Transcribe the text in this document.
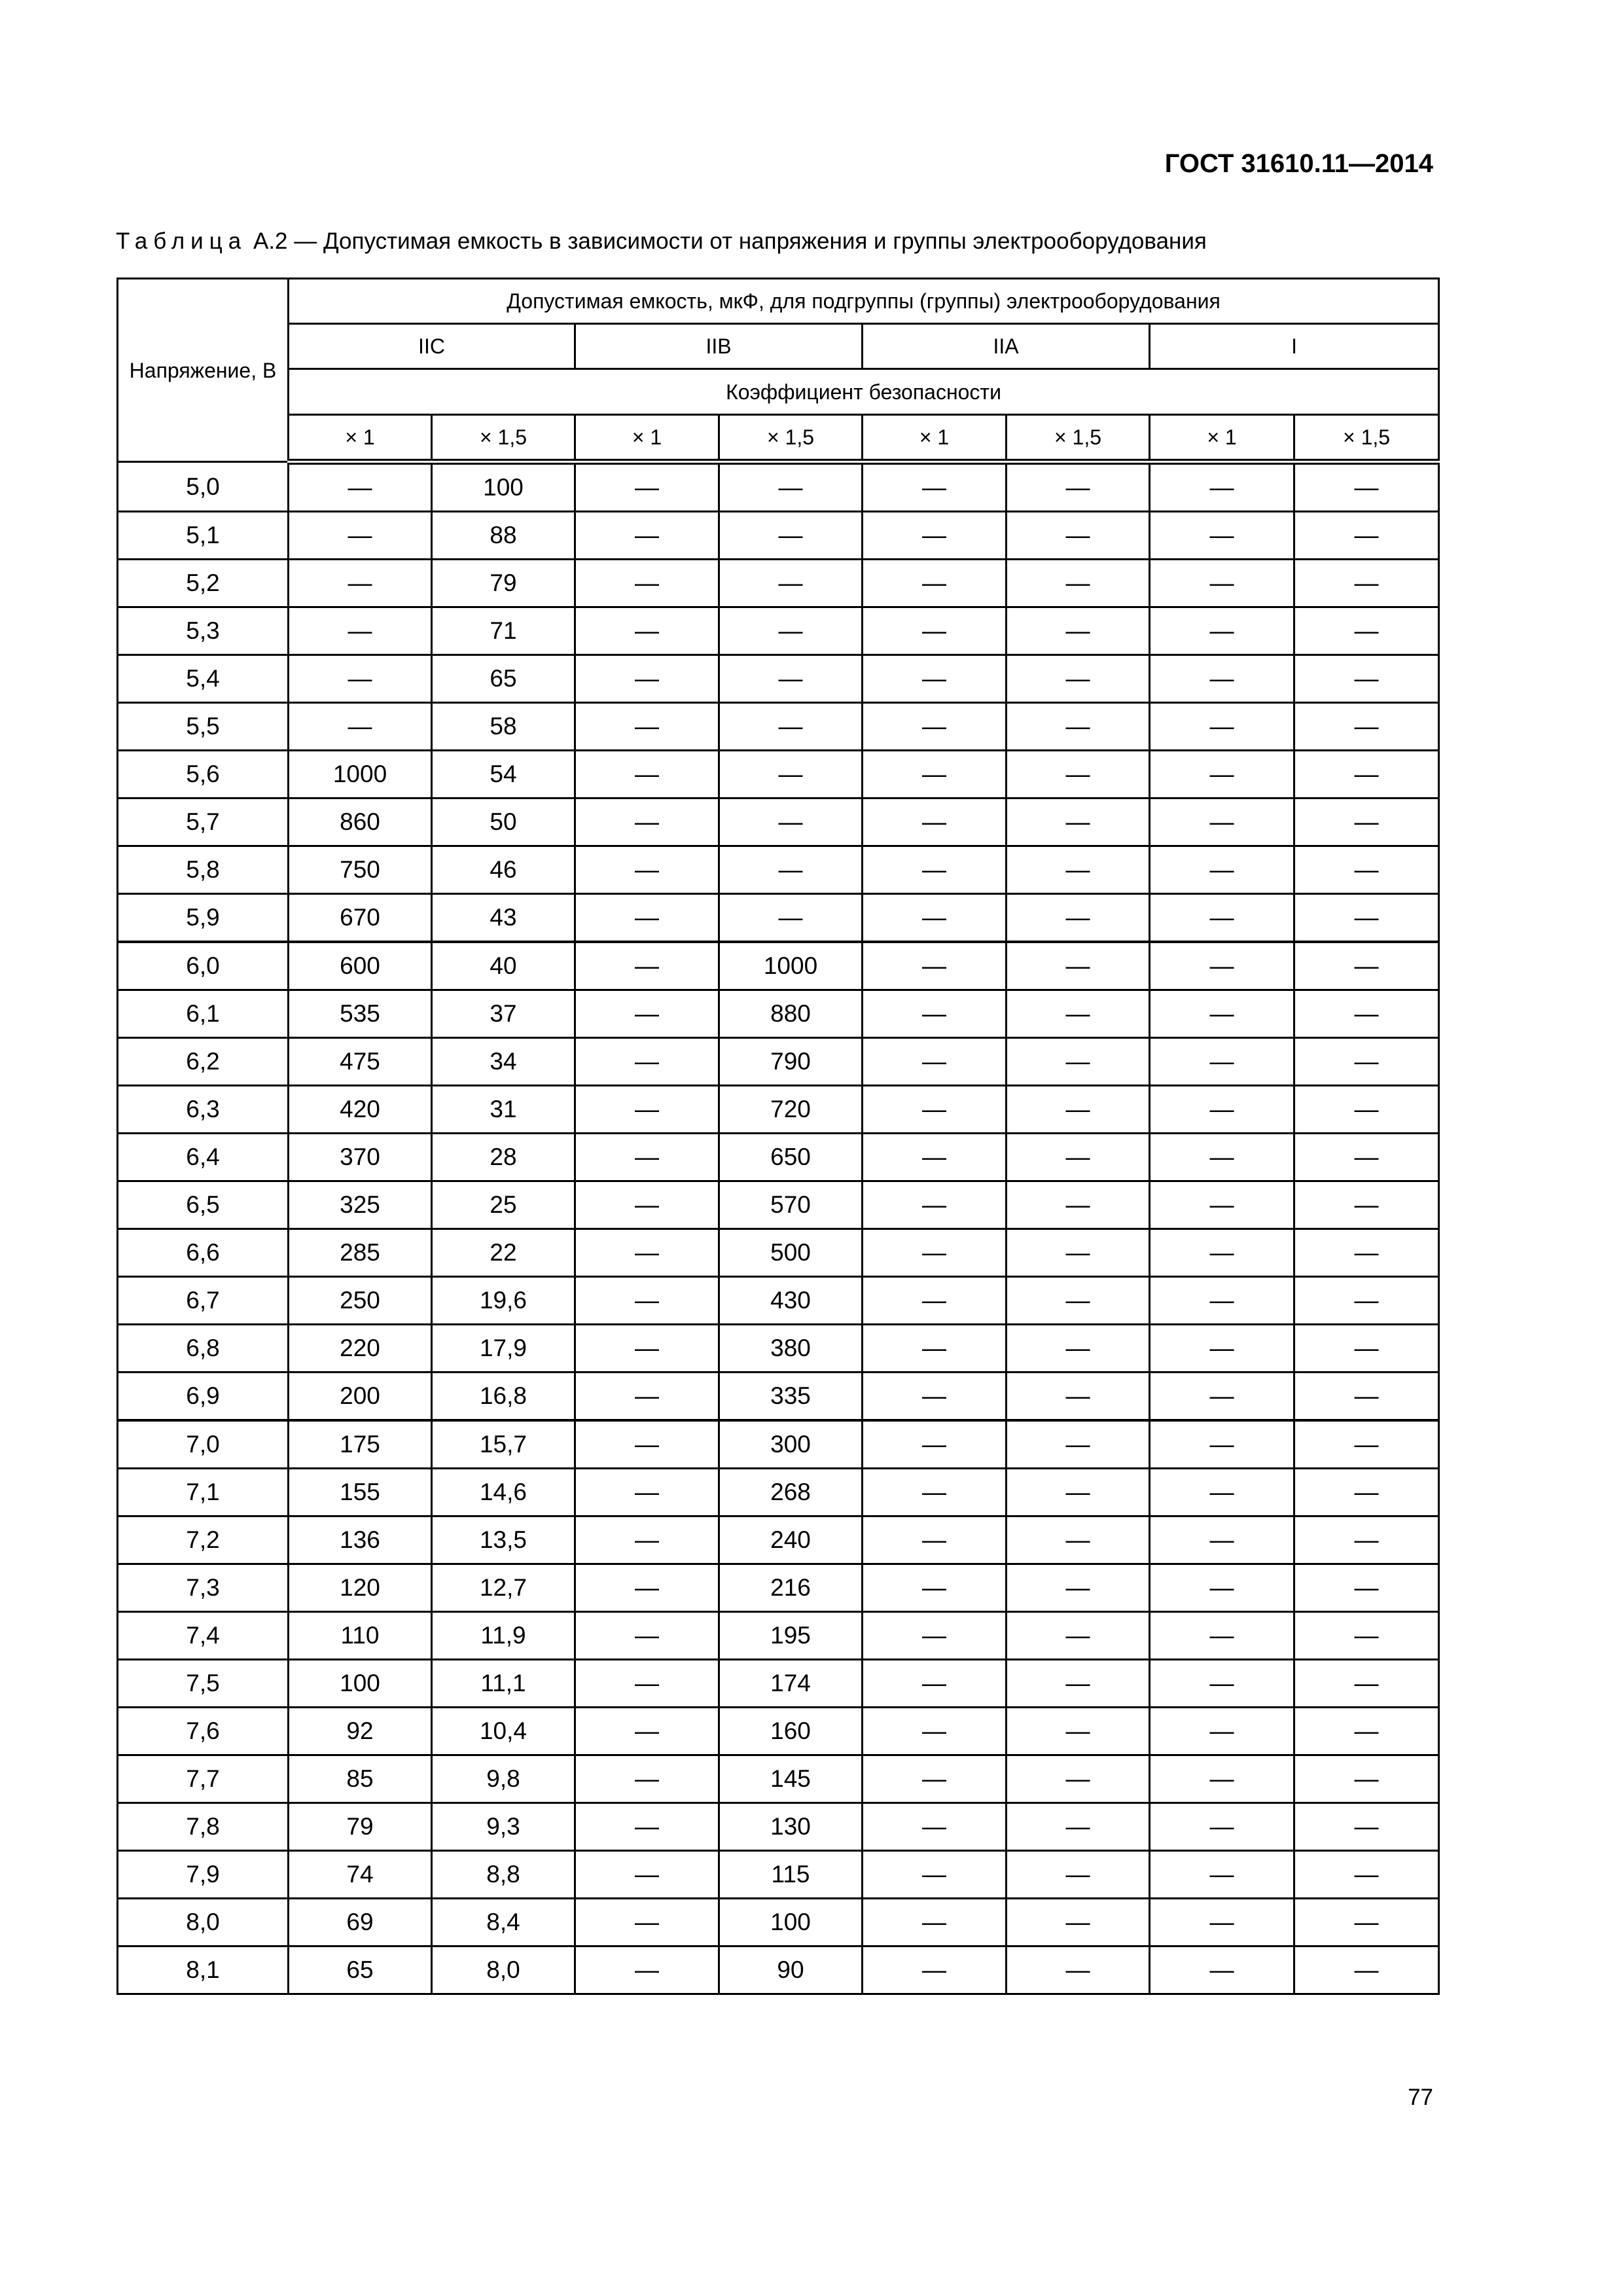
ГОСТ 31610.11—2014
Таблица А.2 — Допустимая емкость в зависимости от напряжения и группы электрооборудования
Напряжение, В	Допустимая емкость, мкФ, для подгруппы (группы) электрооборудования							
	IIC		IIB		IIA		I	
	Коэффициент безопасности							
	× 1	× 1,5	× 1	× 1,5	× 1	× 1,5	× 1	× 1,5
5,0	—	100	—	—	—	—	—	—
5,1	—	88	—	—	—	—	—	—
5,2	—	79	—	—	—	—	—	—
5,3	—	71	—	—	—	—	—	—
5,4	—	65	—	—	—	—	—	—
5,5	—	58	—	—	—	—	—	—
5,6	1000	54	—	—	—	—	—	—
5,7	860	50	—	—	—	—	—	—
5,8	750	46	—	—	—	—	—	—
5,9	670	43	—	—	—	—	—	—
6,0	600	40	—	1000	—	—	—	—
6,1	535	37	—	880	—	—	—	—
6,2	475	34	—	790	—	—	—	—
6,3	420	31	—	720	—	—	—	—
6,4	370	28	—	650	—	—	—	—
6,5	325	25	—	570	—	—	—	—
6,6	285	22	—	500	—	—	—	—
6,7	250	19,6	—	430	—	—	—	—
6,8	220	17,9	—	380	—	—	—	—
6,9	200	16,8	—	335	—	—	—	—
7,0	175	15,7	—	300	—	—	—	—
7,1	155	14,6	—	268	—	—	—	—
7,2	136	13,5	—	240	—	—	—	—
7,3	120	12,7	—	216	—	—	—	—
7,4	110	11,9	—	195	—	—	—	—
7,5	100	11,1	—	174	—	—	—	—
7,6	92	10,4	—	160	—	—	—	—
7,7	85	9,8	—	145	—	—	—	—
7,8	79	9,3	—	130	—	—	—	—
7,9	74	8,8	—	115	—	—	—	—
8,0	69	8,4	—	100	—	—	—	—
8,1	65	8,0	—	90	—	—	—	—
77
